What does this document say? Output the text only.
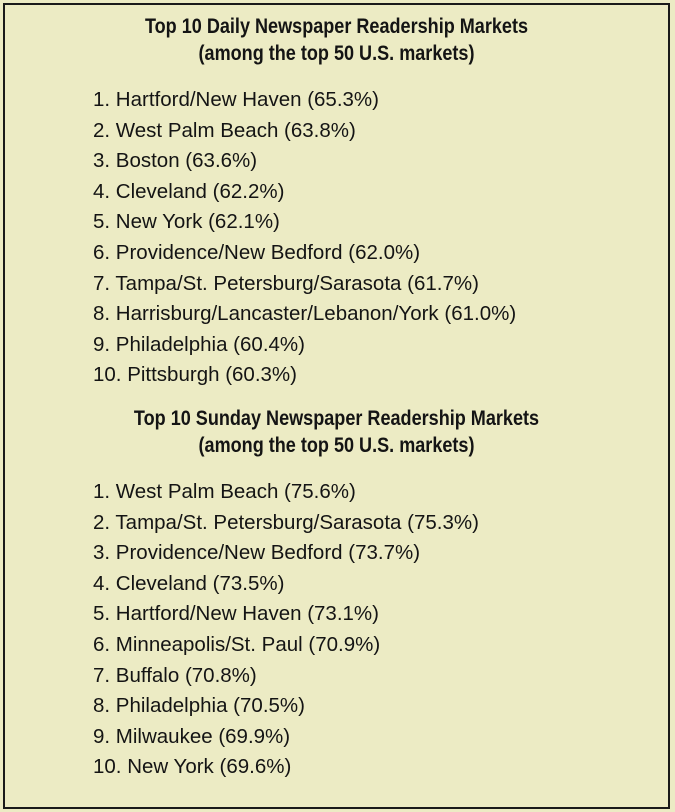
Top 10 Daily Newspaper Readership Markets
(among the top 50 U.S. markets)
1. Hartford/New Haven (65.3%)
2. West Palm Beach (63.8%)
3. Boston (63.6%)
4. Cleveland (62.2%)
5. New York (62.1%)
6. Providence/New Bedford (62.0%)
7. Tampa/St. Petersburg/Sarasota (61.7%)
8. Harrisburg/Lancaster/Lebanon/York (61.0%)
9. Philadelphia (60.4%)
10. Pittsburgh (60.3%)
Top 10 Sunday Newspaper Readership Markets
(among the top 50 U.S. markets)
1. West Palm Beach (75.6%)
2. Tampa/St. Petersburg/Sarasota (75.3%)
3. Providence/New Bedford (73.7%)
4. Cleveland (73.5%)
5. Hartford/New Haven (73.1%)
6. Minneapolis/St. Paul (70.9%)
7. Buffalo (70.8%)
8. Philadelphia (70.5%)
9. Milwaukee (69.9%)
10. New York (69.6%)
